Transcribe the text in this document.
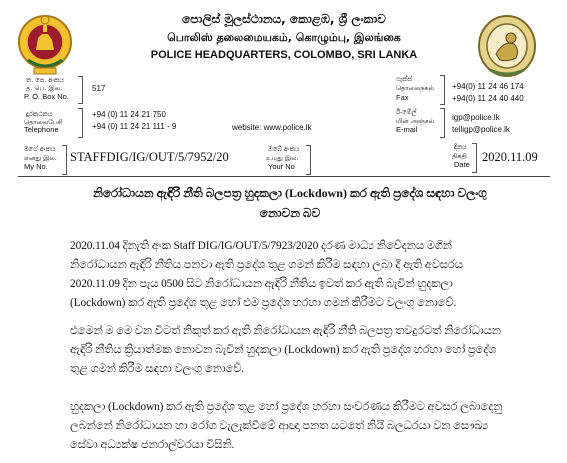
පොලිස් මූලස්ථානය, කොළඹ, ශ්‍රී ලංකාව
பொலிஸ் தலைமையகம், கொழும்பு, இலங்கை
POLICE HEADQUARTERS, COLOMBO, SRI LANKA
ත. පෙ. අංකය
த. பெ. இல.
P. O. Box No.
517
දුරකථනය
தொலைபேசி
Telephone
+94 (0) 11 24 21 750
+94 (0) 11 24 21 111 - 9	website: www.police.lk
ෆැක්ස්
தொலைநகல்
Fax
+94(0) 11 24 46 174
+94(0) 11 24 40 440
ඊ-මේල්
மின் அஞ்சல்
E-mail
igp@police.lk
telligp@police.lk
මගේ අංකය
எனது இல.
My No.
STAFFDIG/IG/OUT/5/7952/20
ඔබේ අංකය
உமது இல.
Your No
දිනය
திகதி
Date
2020.11.09
නිරෝධායන ඇඳිරි නීති බලපත්‍ර හුදකලා (Lockdown) කර ඇති ප්‍රදේශ සඳහා වලංගු
නොවන බව
2020.11.04 දිනැති අංක Staff DIG/IG/OUT/5/7923/2020 දරණ මාධ්‍ය නිවේදනය මගින්
නිරෝධායන ඇඳිරි නීතිය පනවා ඇති ප්‍රදේශ තුළ ගමන් කිරීම සඳහා ලබා දී ඇති අවසරය
2020.11.09 දින පැය 0500 සිට නිරෝධායන ඇඳිරි නීතිය ඉවත් කර ඇති බැවින් හුදකලා
(Lockdown) කර ඇති ප්‍රදේශ තුළ හෝ එම ප්‍රදේශ හරහා ගමන් කිරීමට වලංගු නොවේ.
එමෙන් ම මෙ වන විටත් නිකුත් කර ඇති නිරෝධායන ඇඳිරි නීති බලපත්‍ර තවදුරටත් නිරෝධායන
ඇඳිරි නීතිය ක්‍රියාත්මක නොවන බැවින් හුදකලා (Lockdown) කර ඇති ප්‍රදේශ හරහා හෝ ප්‍රදේශ
තුළ ගමන් කිරීම සඳහා වලංගු නොවේ.
හුදකලා (Lockdown) කර ඇති ප්‍රදේශ තුළ හෝ ප්‍රදේශ හරහා සංචරණය කිරීමට අවසර ලබාදෙනු
ලබන්නේ නිරෝධායන හා රෝග වැලැක්වීමේ ආඥා පනත යටතේ නියි බලධරයා වන සෞඛ්‍ය
සේවා අධ්‍යක්ෂ ජනරාල්වරයා විසිනි.
